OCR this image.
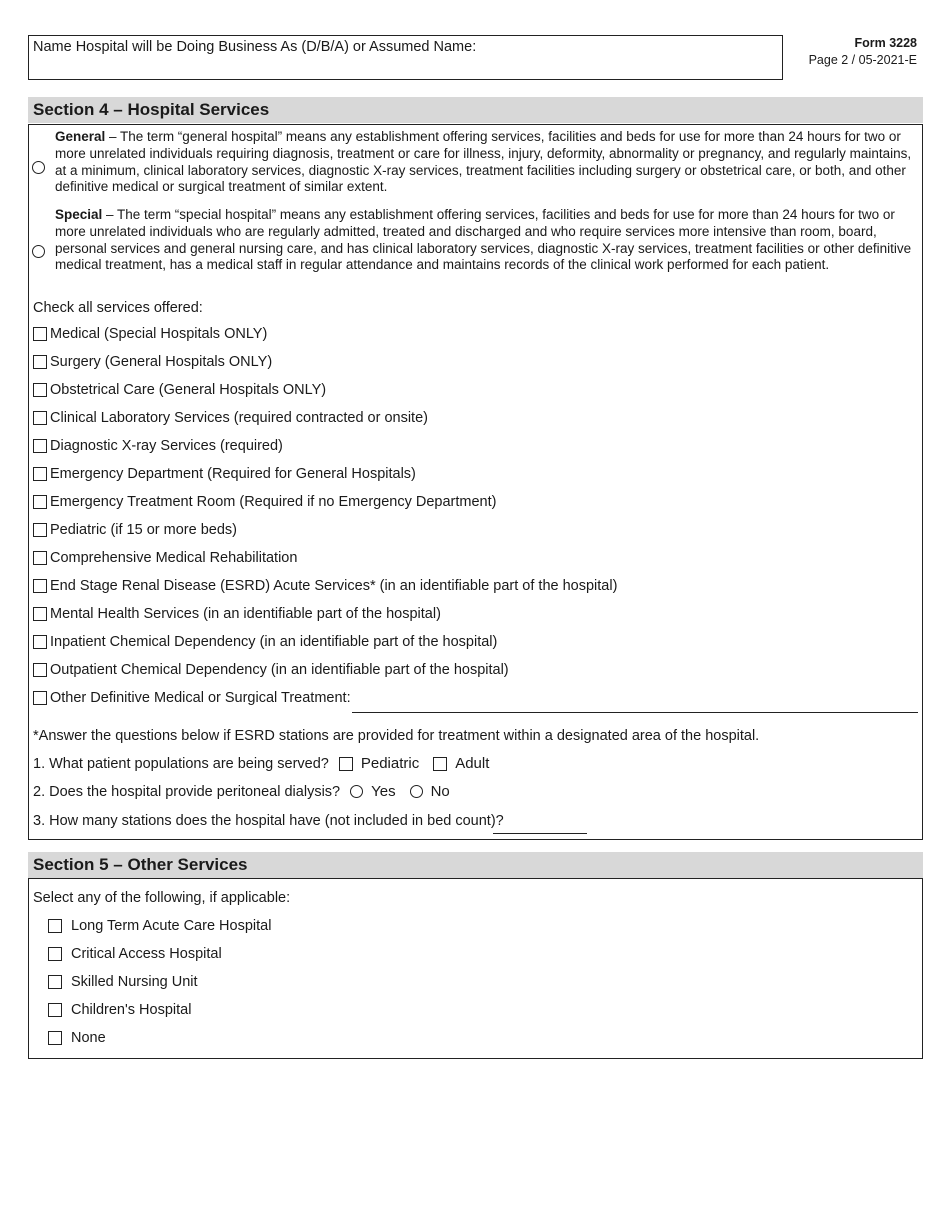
Name Hospital will be Doing Business As (D/B/A) or Assumed Name:	Form 3228
Page 2 / 05-2021-E
Section 4 – Hospital Services
General – The term “general hospital” means any establishment offering services, facilities and beds for use for more than 24 hours for two or more unrelated individuals requiring diagnosis, treatment or care for illness, injury, deformity, abnormality or pregnancy, and regularly maintains, at a minimum, clinical laboratory services, diagnostic X-ray services, treatment facilities including surgery or obstetrical care, or both, and other definitive medical or surgical treatment of similar extent.
Special – The term “special hospital” means any establishment offering services, facilities and beds for use for more than 24 hours for two or more unrelated individuals who are regularly admitted, treated and discharged and who require services more intensive than room, board, personal services and general nursing care, and has clinical laboratory services, diagnostic X-ray services, treatment facilities or other definitive medical treatment, has a medical staff in regular attendance and maintains records of the clinical work performed for each patient.
Check all services offered:
Medical (Special Hospitals ONLY)
Surgery (General Hospitals ONLY)
Obstetrical Care (General Hospitals ONLY)
Clinical Laboratory Services (required contracted or onsite)
Diagnostic X-ray Services (required)
Emergency Department (Required for General Hospitals)
Emergency Treatment Room (Required if no Emergency Department)
Pediatric (if 15 or more beds)
Comprehensive Medical Rehabilitation
End Stage Renal Disease (ESRD) Acute Services* (in an identifiable part of the hospital)
Mental Health Services (in an identifiable part of the hospital)
Inpatient Chemical Dependency (in an identifiable part of the hospital)
Outpatient Chemical Dependency (in an identifiable part of the hospital)
Other Definitive Medical or Surgical Treatment:
*Answer the questions below if ESRD stations are provided for treatment within a designated area of the hospital.
1. What patient populations are being served? Pediatric Adult
2. Does the hospital provide peritoneal dialysis? Yes No
3. How many stations does the hospital have (not included in bed count)?
Section 5 – Other Services
Select any of the following, if applicable:
Long Term Acute Care Hospital
Critical Access Hospital
Skilled Nursing Unit
Children's Hospital
None
